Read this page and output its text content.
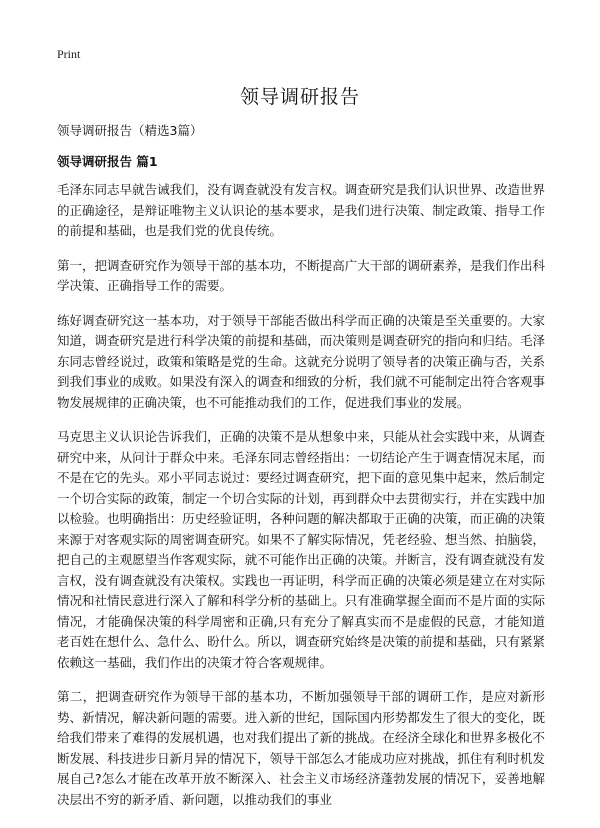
Print
领导调研报告

领导调研报告（精选3篇）

领导调研报告 篇1

毛泽东同志早就告诫我们，没有调查就没有发言权。调查研究是我们认识世界、改造世界的正确途径，是辩证唯物主义认识论的基本要求，是我们进行决策、制定政策、指导工作的前提和基础，也是我们党的优良传统。

第一，把调查研究作为领导干部的基本功，不断提高广大干部的调研素养，是我们作出科学决策、正确指导工作的需要。

练好调查研究这一基本功，对于领导干部能否做出科学而正确的决策是至关重要的。大家知道，调查研究是进行科学决策的前提和基础，而决策则是调查研究的指向和归结。毛泽东同志曾经说过，政策和策略是党的生命。这就充分说明了领导者的决策正确与否，关系到我们事业的成败。如果没有深入的调查和细致的分析，我们就不可能制定出符合客观事物发展规律的正确决策，也不可能推动我们的工作，促进我们事业的发展。

马克思主义认识论告诉我们，正确的决策不是从想象中来，只能从社会实践中来，从调查研究中来，从问计于群众中来。毛泽东同志曾经指出：一切结论产生于调查情况末尾，而不是在它的先头。邓小平同志说过：要经过调查研究，把下面的意见集中起来，然后制定一个切合实际的政策，制定一个切合实际的计划，再到群众中去贯彻实行，并在实践中加以检验。也明确指出：历史经验证明，各种问题的解决都取于正确的决策，而正确的决策来源于对客观实际的周密调查研究。如果不了解实际情况，凭老经验、想当然、拍脑袋，把自己的主观愿望当作客观实际，就不可能作出正确的决策。并断言，没有调查就没有发言权，没有调查就没有决策权。实践也一再证明，科学而正确的决策必须是建立在对实际情况和社情民意进行深入了解和科学分析的基础上。只有准确掌握全面而不是片面的实际情况，才能确保决策的科学周密和正确,只有充分了解真实而不是虚假的民意，才能知道老百姓在想什么、急什么、盼什么。所以，调查研究始终是决策的前提和基础，只有紧紧依赖这一基础，我们作出的决策才符合客观规律。

第二，把调查研究作为领导干部的基本功，不断加强领导干部的调研工作，是应对新形势、新情况，解决新问题的需要。进入新的世纪，国际国内形势都发生了很大的变化，既给我们带来了难得的发展机遇，也对我们提出了新的挑战。在经济全球化和世界多极化不断发展、科技进步日新月异的情况下，领导干部怎么才能成功应对挑战，抓住有利时机发展自己?怎么才能在改革开放不断深入、社会主义市场经济蓬勃发展的情况下，妥善地解决层出不穷的新矛盾、新问题，以推动我们的事业
